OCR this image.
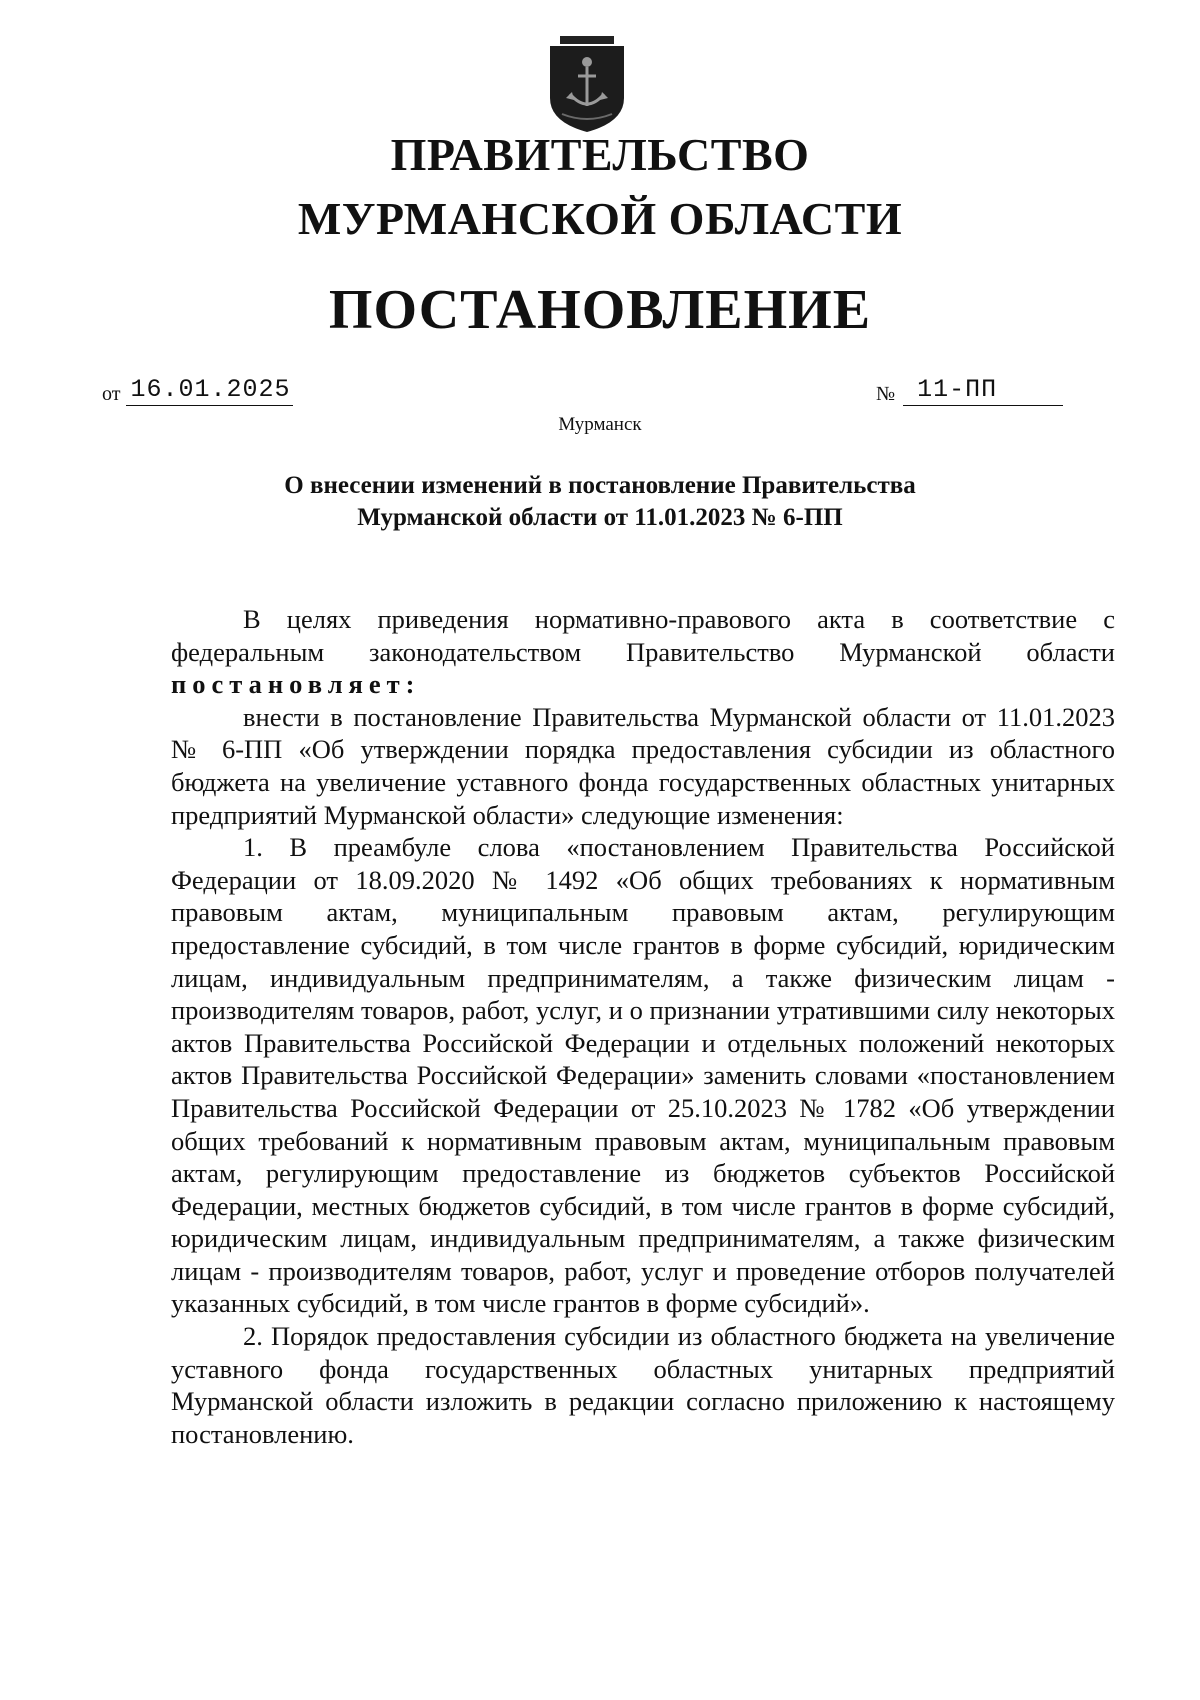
ПРАВИТЕЛЬСТВО
МУРМАНСКОЙ ОБЛАСТИ
ПОСТАНОВЛЕНИЕ
от 16.01.2025	№ 11-ПП
Мурманск
О внесении изменений в постановление Правительства
Мурманской области от 11.01.2023 № 6-ПП

В целях приведения нормативно-правового акта в соответствие с федеральным законодательством Правительство Мурманской области постановляет:

внести в постановление Правительства Мурманской области от 11.01.2023 № 6-ПП «Об утверждении порядка предоставления субсидии из областного бюджета на увеличение уставного фонда государственных областных унитарных предприятий Мурманской области» следующие изменения:

1. В преамбуле слова «постановлением Правительства Российской Федерации от 18.09.2020 № 1492 «Об общих требованиях к нормативным правовым актам, муниципальным правовым актам, регулирующим предоставление субсидий, в том числе грантов в форме субсидий, юридическим лицам, индивидуальным предпринимателям, а также физическим лицам - производителям товаров, работ, услуг, и о признании утратившими силу некоторых актов Правительства Российской Федерации и отдельных положений некоторых актов Правительства Российской Федерации» заменить словами «постановлением Правительства Российской Федерации от 25.10.2023 № 1782 «Об утверждении общих требований к нормативным правовым актам, муниципальным правовым актам, регулирующим предоставление из бюджетов субъектов Российской Федерации, местных бюджетов субсидий, в том числе грантов в форме субсидий, юридическим лицам, индивидуальным предпринимателям, а также физическим лицам - производителям товаров, работ, услуг и проведение отборов получателей указанных субсидий, в том числе грантов в форме субсидий».

2. Порядок предоставления субсидии из областного бюджета на увеличение уставного фонда государственных областных унитарных предприятий Мурманской области изложить в редакции согласно приложению к настоящему постановлению.
